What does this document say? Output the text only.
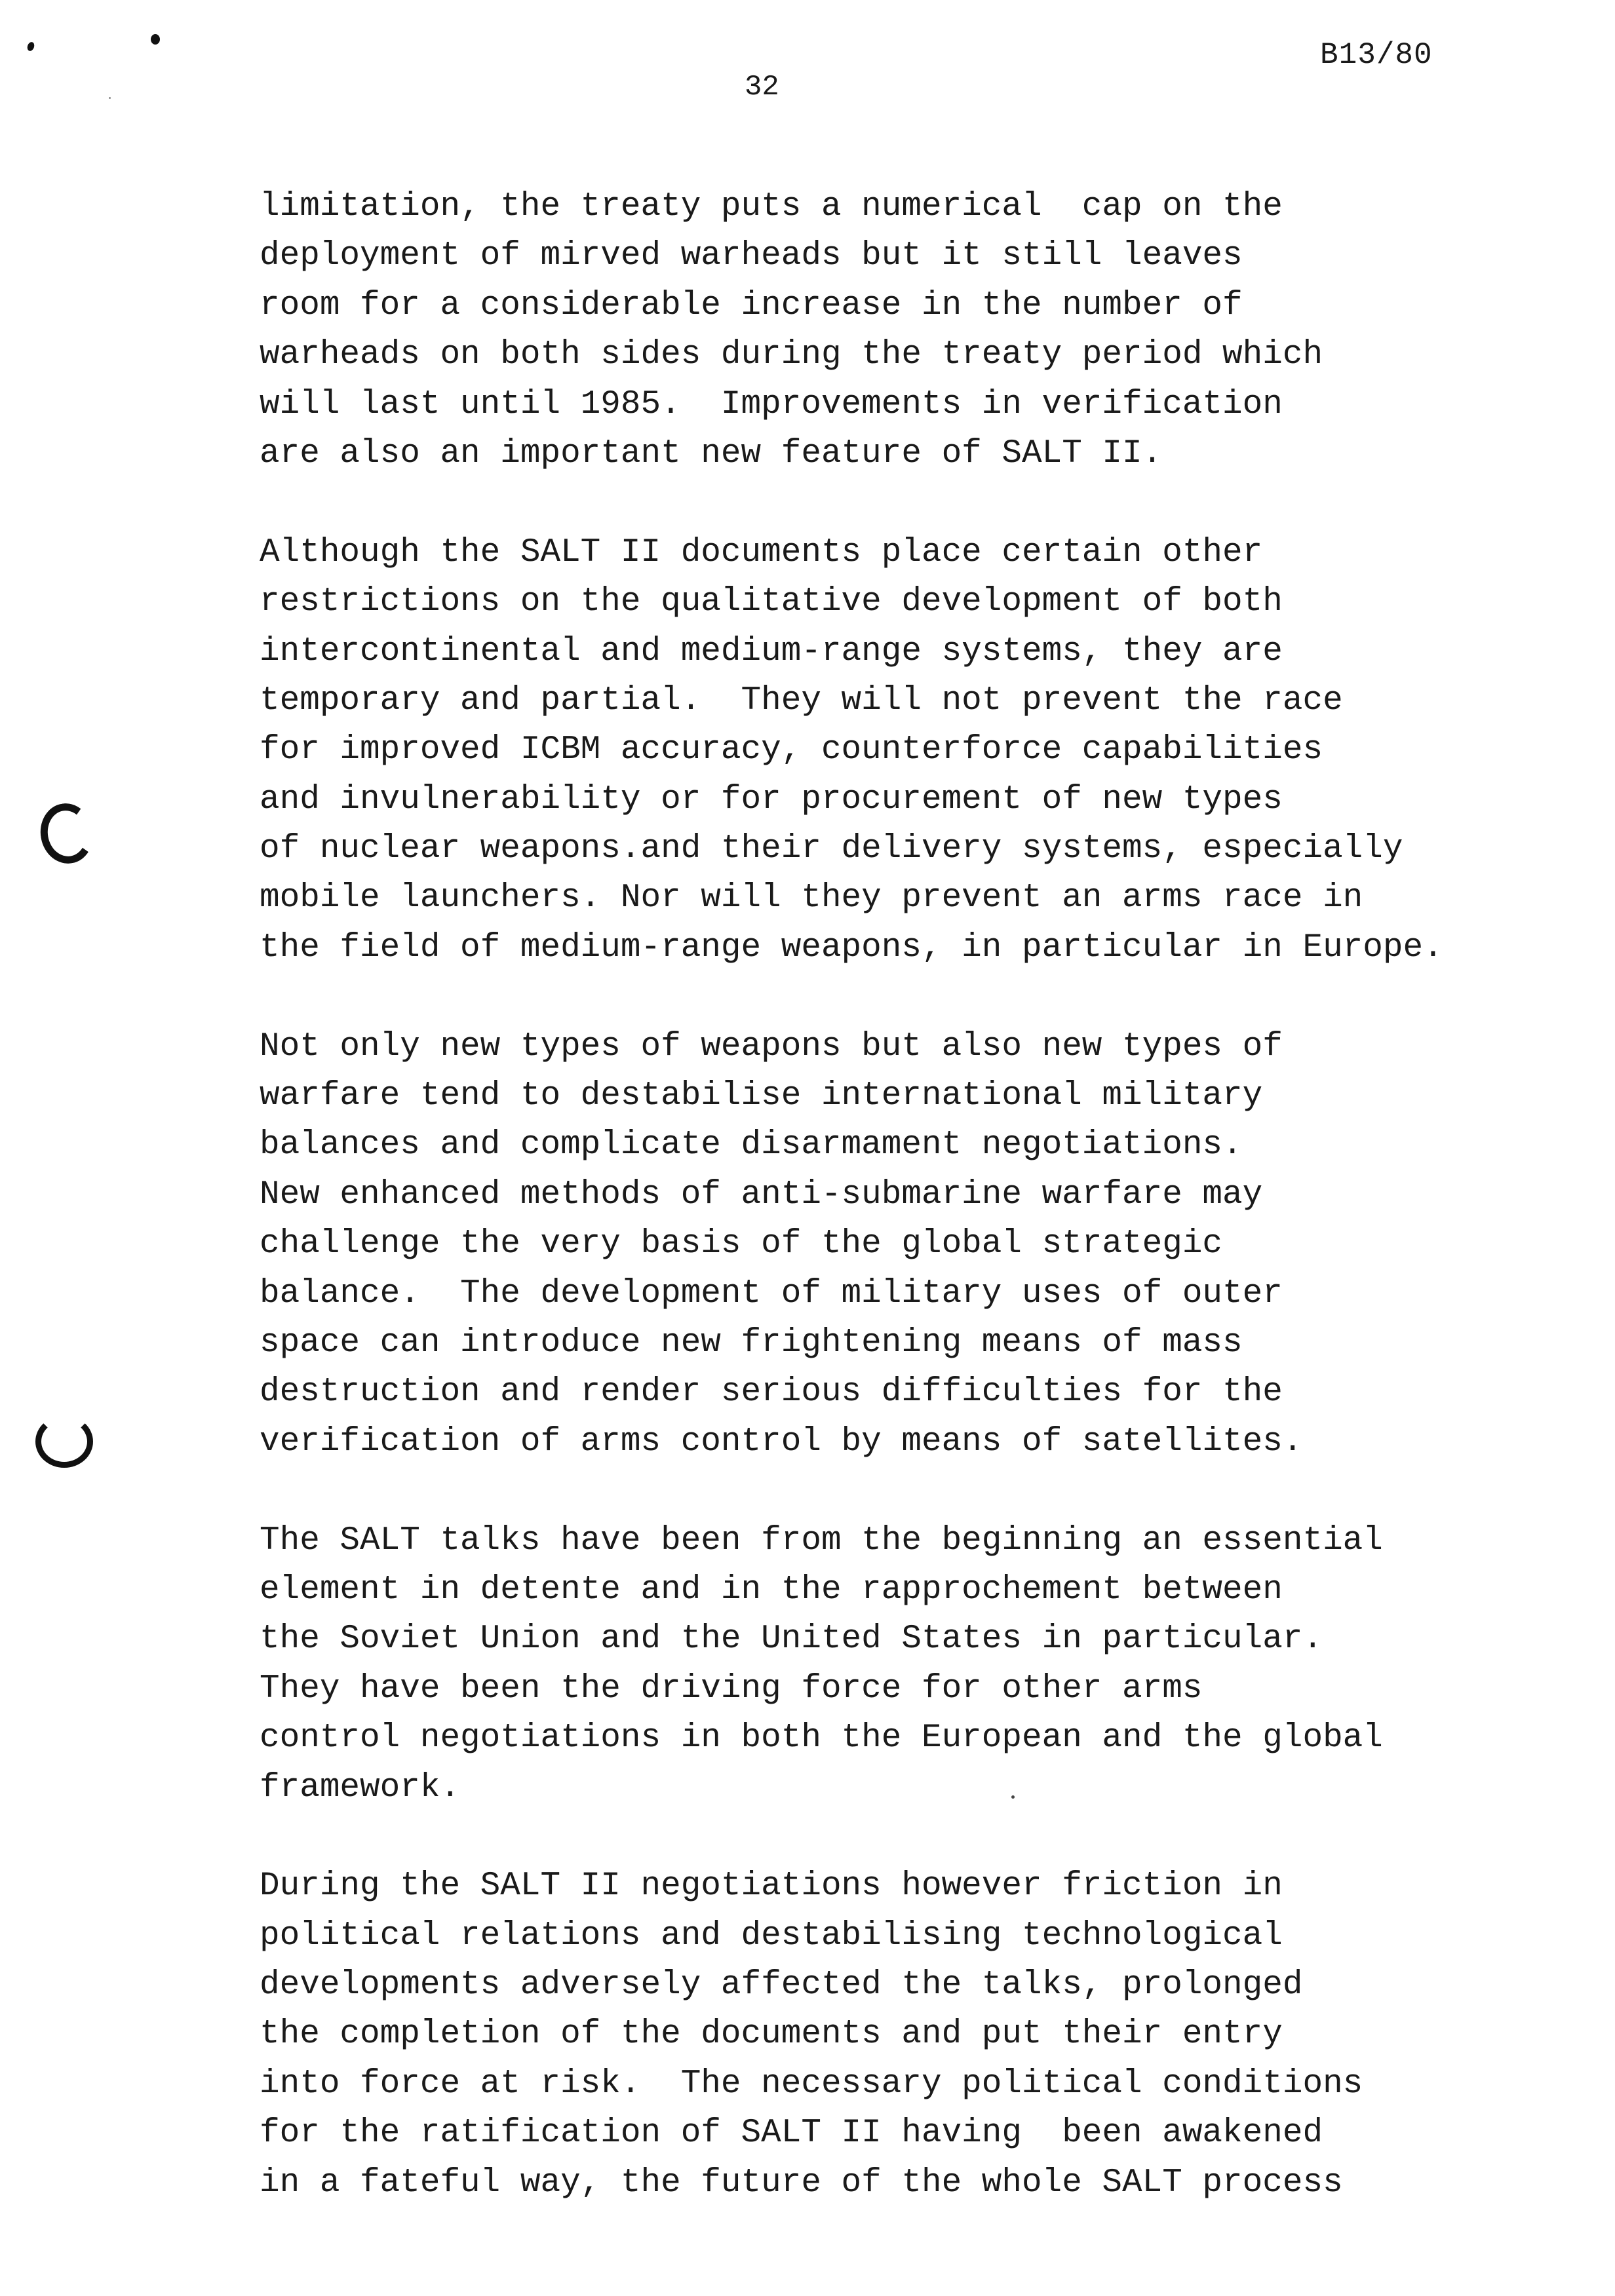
B13/80
32
limitation, the treaty puts a numerical  cap on the
deployment of mirved warheads but it still leaves
room for a considerable increase in the number of
warheads on both sides during the treaty period which
will last until 1985.  Improvements in verification
are also an important new feature of SALT II.
Although the SALT II documents place certain other
restrictions on the qualitative development of both
intercontinental and medium-range systems, they are
temporary and partial.  They will not prevent the race
for improved ICBM accuracy, counterforce capabilities
and invulnerability or for procurement of new types
of nuclear weapons.and their delivery systems, especially
mobile launchers. Nor will they prevent an arms race in
the field of medium-range weapons, in particular in Europe.
Not only new types of weapons but also new types of
warfare tend to destabilise international military
balances and complicate disarmament negotiations.
New enhanced methods of anti-submarine warfare may
challenge the very basis of the global strategic
balance.  The development of military uses of outer
space can introduce new frightening means of mass
destruction and render serious difficulties for the
verification of arms control by means of satellites.
The SALT talks have been from the beginning an essential
element in detente and in the rapprochement between
the Soviet Union and the United States in particular.
They have been the driving force for other arms
control negotiations in both the European and the global
framework.
During the SALT II negotiations however friction in
political relations and destabilising technological
developments adversely affected the talks, prolonged
the completion of the documents and put their entry
into force at risk.  The necessary political conditions
for the ratification of SALT II having  been awakened
in a fateful way, the future of the whole SALT process
